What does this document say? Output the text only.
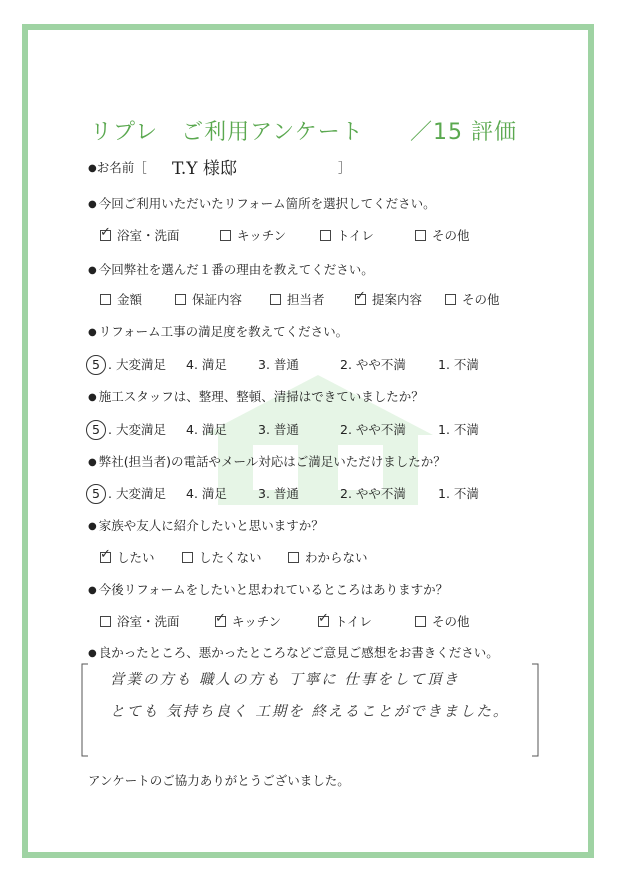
リプレ　ご利用アンケート ／15 評価
●お名前［ T.Y 様邸	］
● 今回ご利用いただいたリフォーム箇所を選択してください。
✓浴室・洗面	キッチン	トイレ	その他
● 今回弊社を選んだ１番の理由を教えてください。
金額	保証内容	担当者 ✓	提案内容	その他
● リフォーム工事の満足度を教えてください。
5 . 大変満足 4. 満足 3. 普通	2. やや不満	1. 不満
● 施工スタッフは、整理、整頓、清掃はできていましたか？
5 . 大変満足 4. 満足 3. 普通	2. やや不満	1. 不満
● 弊社(担当者)の電話やメール対応はご満足いただけましたか？
5 . 大変満足 4. 満足 3. 普通	2. やや不満	1. 不満
● 家族や友人に紹介したいと思いますか？
✓したい	したくない	わからない
● 今後リフォームをしたいと思われているところはありますか？
浴室・洗面 ✓	キッチン ✓	トイレ	その他
● 良かったところ、悪かったところなどご意見ご感想をお書きください。
営業の方も 職人の方も 丁寧に 仕事をして頂き
とても 気持ち良く 工期を 終えることができました。
アンケートのご協力ありがとうございました。
